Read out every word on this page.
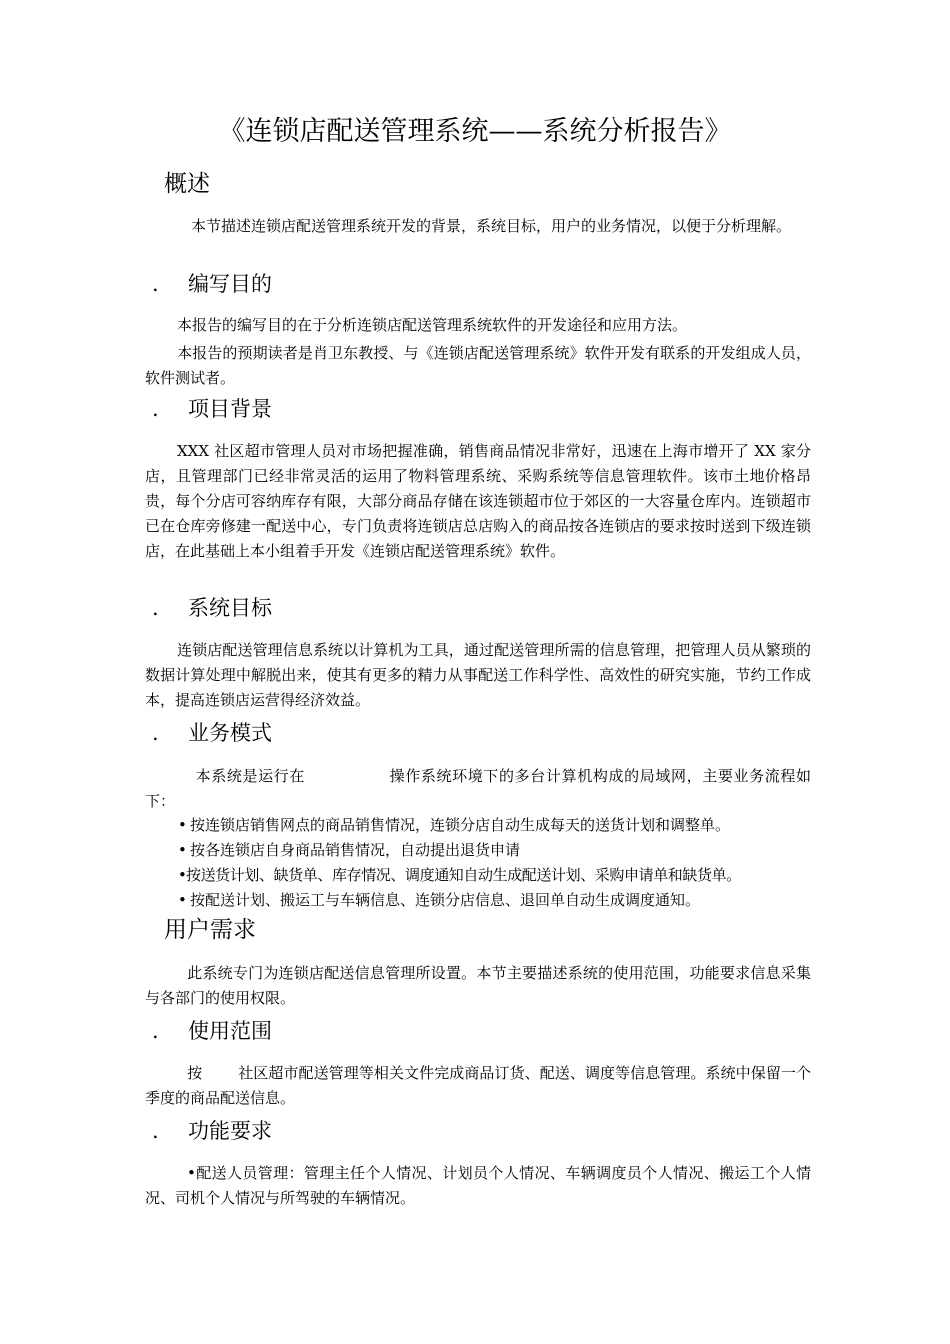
《连锁店配送管理系统——系统分析报告》
概述
本节描述连锁店配送管理系统开发的背景，系统目标，用户的业务情况，以便于分析理解。
. 编写目的
本报告的编写目的在于分析连锁店配送管理系统软件的开发途径和应用方法。
本报告的预期读者是肖卫东教授、与《连锁店配送管理系统》软件开发有联系的开发组成人员，软件测试者。
. 项目背景
XXX 社区超市管理人员对市场把握准确，销售商品情况非常好，迅速在上海市增开了 XX 家分店，且管理部门已经非常灵活的运用了物料管理系统、采购系统等信息管理软件。该市土地价格昂贵，每个分店可容纳库存有限，大部分商品存储在该连锁超市位于郊区的一大容量仓库内。连锁超市已在仓库旁修建一配送中心，专门负责将连锁店总店购入的商品按各连锁店的要求按时送到下级连锁店，在此基础上本小组着手开发《连锁店配送管理系统》软件。
. 系统目标
连锁店配送管理信息系统以计算机为工具，通过配送管理所需的信息管理，把管理人员从繁琐的数据计算处理中解脱出来，使其有更多的精力从事配送工作科学性、高效性的研究实施，节约工作成本，提高连锁店运营得经济效益。
. 业务模式
本系统是运行在	操作系统环境下的多台计算机构成的局域网，主要业务流程如下：
• 按连锁店销售网点的商品销售情况，连锁分店自动生成每天的送货计划和调整单。
• 按各连锁店自身商品销售情况，自动提出退货申请
•按送货计划、缺货单、库存情况、调度通知自动生成配送计划、采购申请单和缺货单。
• 按配送计划、搬运工与车辆信息、连锁分店信息、退回单自动生成调度通知。
用户需求
此系统专门为连锁店配送信息管理所设置。本节主要描述系统的使用范围，功能要求信息采集与各部门的使用权限。
. 使用范围
按 社区超市配送管理等相关文件完成商品订货、配送、调度等信息管理。系统中保留一个季度的商品配送信息。
. 功能要求
•配送人员管理：管理主任个人情况、计划员个人情况、车辆调度员个人情况、搬运工个人情况、司机个人情况与所驾驶的车辆情况。
